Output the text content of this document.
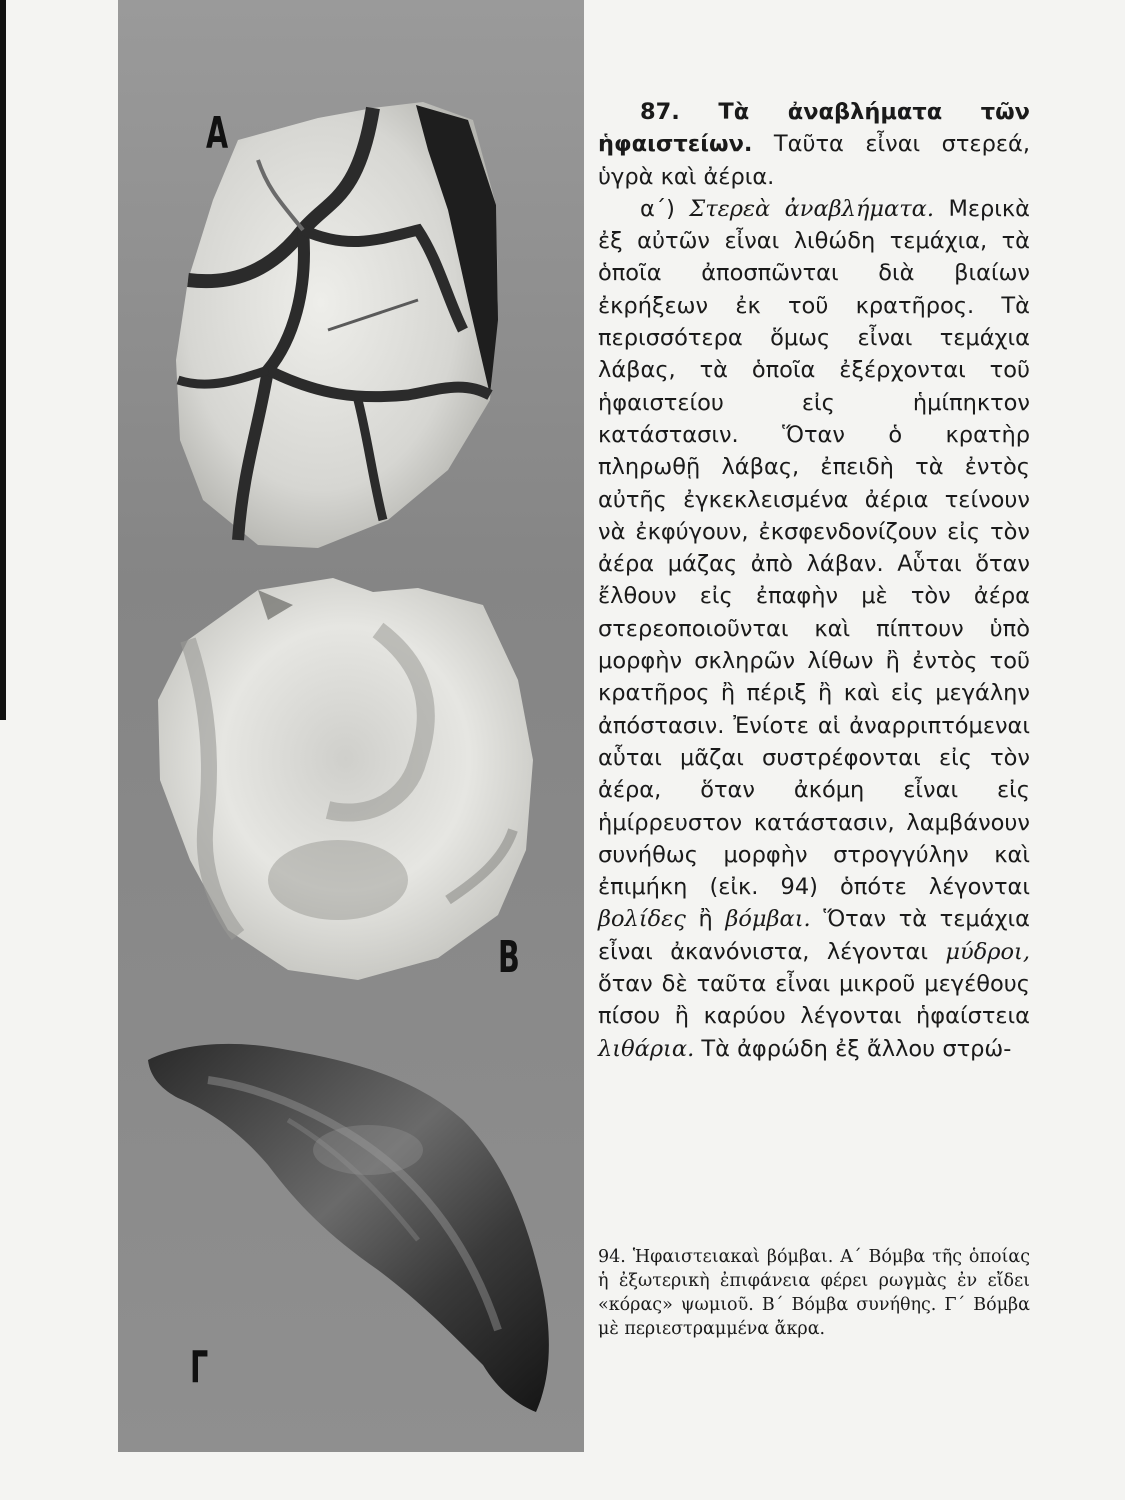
A
B
Γ

87. Τὰ ἀναβλήματα τῶν ἡφαιστείων. Ταῦτα εἶναι στερεά, ὑγρὰ καὶ ἀέρια.

α΄) Στερεὰ ἀναβλήματα. Μερικὰ ἐξ αὐτῶν εἶναι λιθώδη τεμάχια, τὰ ὁποῖα ἀποσπῶνται διὰ βιαίων ἐκρήξεων ἐκ τοῦ κρατῆρος. Τὰ περισσότερα ὅμως εἶναι τεμάχια λάβας, τὰ ὁποῖα ἐξέρχονται τοῦ ἡφαιστείου εἰς ἡμίπηκτον κατάστασιν. Ὅταν ὁ κρατὴρ πληρωθῇ λάβας, ἐπειδὴ τὰ ἐντὸς αὐτῆς ἐγκεκλεισμένα ἀέρια τείνουν νὰ ἐκφύγουν, ἐκσφενδονίζουν εἰς τὸν ἀέρα μάζας ἀπὸ λάβαν. Αὗται ὅταν ἔλθουν εἰς ἐπαφὴν μὲ τὸν ἀέρα στερεοποιοῦνται καὶ πίπτουν ὑπὸ μορφὴν σκληρῶν λίθων ἢ ἐντὸς τοῦ κρατῆρος ἢ πέριξ ἢ καὶ εἰς μεγάλην ἀπόστασιν. Ἐνίοτε αἱ ἀναρριπτόμεναι αὗται μᾶζαι συστρέφονται εἰς τὸν ἀέρα, ὅταν ἀκόμη εἶναι εἰς ἡμίρρευστον κατάστασιν, λαμβάνουν συνήθως μορφὴν στρογγύλην καὶ ἐπιμήκη (εἰκ. 94) ὁπότε λέγονται βολίδες ἢ βόμβαι. Ὅταν τὰ τεμάχια εἶναι ἀκανόνιστα, λέγονται μύδροι, ὅταν δὲ ταῦτα εἶναι μικροῦ μεγέθους πίσου ἢ καρύου λέγονται ἡφαίστεια λιθάρια. Τὰ ἀφρώδη ἐξ ἄλλου στρώ-

94. Ἡφαιστειακαὶ βόμβαι. Α΄ Βόμβα τῆς ὁποίας ἡ ἐξωτερικὴ ἐπιφάνεια φέρει ρωγμὰς ἐν εἴδει «κόρας» ψωμιοῦ. Β΄ Βόμβα συνήθης. Γ΄ Βόμβα μὲ περιεστραμμένα ἄκρα.
